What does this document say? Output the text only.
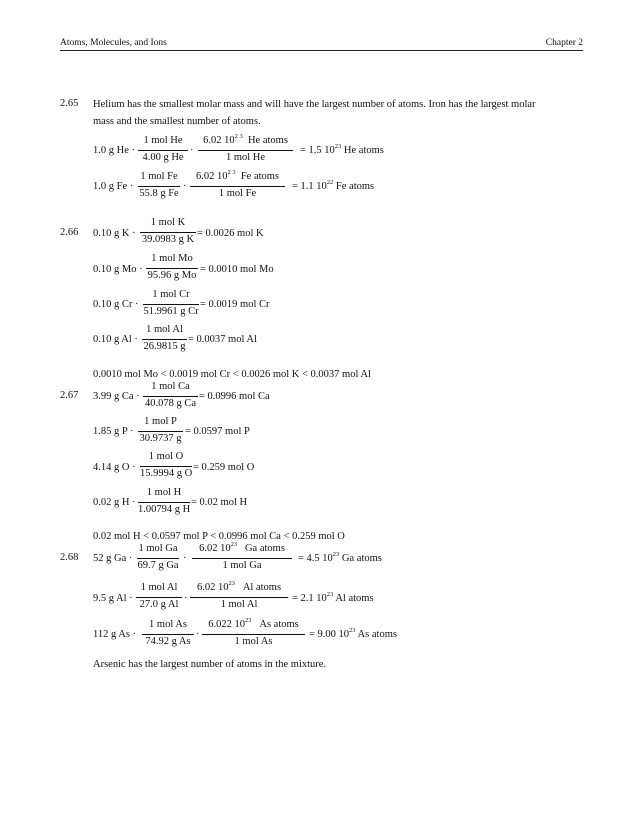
Atoms, Molecules, and Ions	Chapter 2
2.65 Helium has the smallest molar mass and will have the largest number of atoms. Iron has the largest molar
mass and the smallest number of atoms.
1.0 g He ·
1 mol He
4.00 g He
·
6.02 $10^{2 3}$ He atoms
1 mol He
= 1.5 $10^{23}$ He atoms
1.0 g Fe ·
1 mol Fe
55.8 g Fe
·
6.02 $10^{2 3}$ Fe atoms
1 mol Fe
= 1.1 $10^{22}$ Fe atoms
2.66 0.10 g K ·
1 mol K
39.0983 g K
= 0.0026 mol K
0.10 g Mo ·
1 mol Mo
95.96 g Mo
= 0.0010 mol Mo
0.10 g Cr ·
1 mol Cr
51.9961 g Cr
= 0.0019 mol Cr
0.10 g Al ·
1 mol Al
26.9815 g
= 0.0037 mol Al
0.0010 mol Mo < 0.0019 mol Cr < 0.0026 mol K < 0.0037 mol Al
2.67 3.99 g Ca ·
1 mol Ca
40.078 g Ca
= 0.0996 mol Ca
1.85 g P ·
1 mol P
30.9737 g
= 0.0597 mol P
4.14 g O ·
1 mol O
15.9994 g O
= 0.259 mol O
0.02 g H ·
1 mol H
1.00794 g H
= 0.02 mol H
0.02 mol H < 0.0597 mol P < 0.0996 mol Ca < 0.259 mol O
2.68 52 g Ga ·
1 mol Ga
69.7 g Ga
·
6.02 $10^{23}$ Ga atoms
1 mol Ga
= 4.5 $10^{23}$ Ga atoms
9.5 g Al ·
1 mol Al
27.0 g Al
·
6.02 $10^{23}$ Al atoms
1 mol Al
= 2.1 $10^{23}$ Al atoms
112 g As ·
1 mol As
74.92 g As
·
6.022 $10^{23}$ As atoms
1 mol As
= 9.00 $10^{23}$ As atoms
Arsenic has the largest number of atoms in the mixture.
